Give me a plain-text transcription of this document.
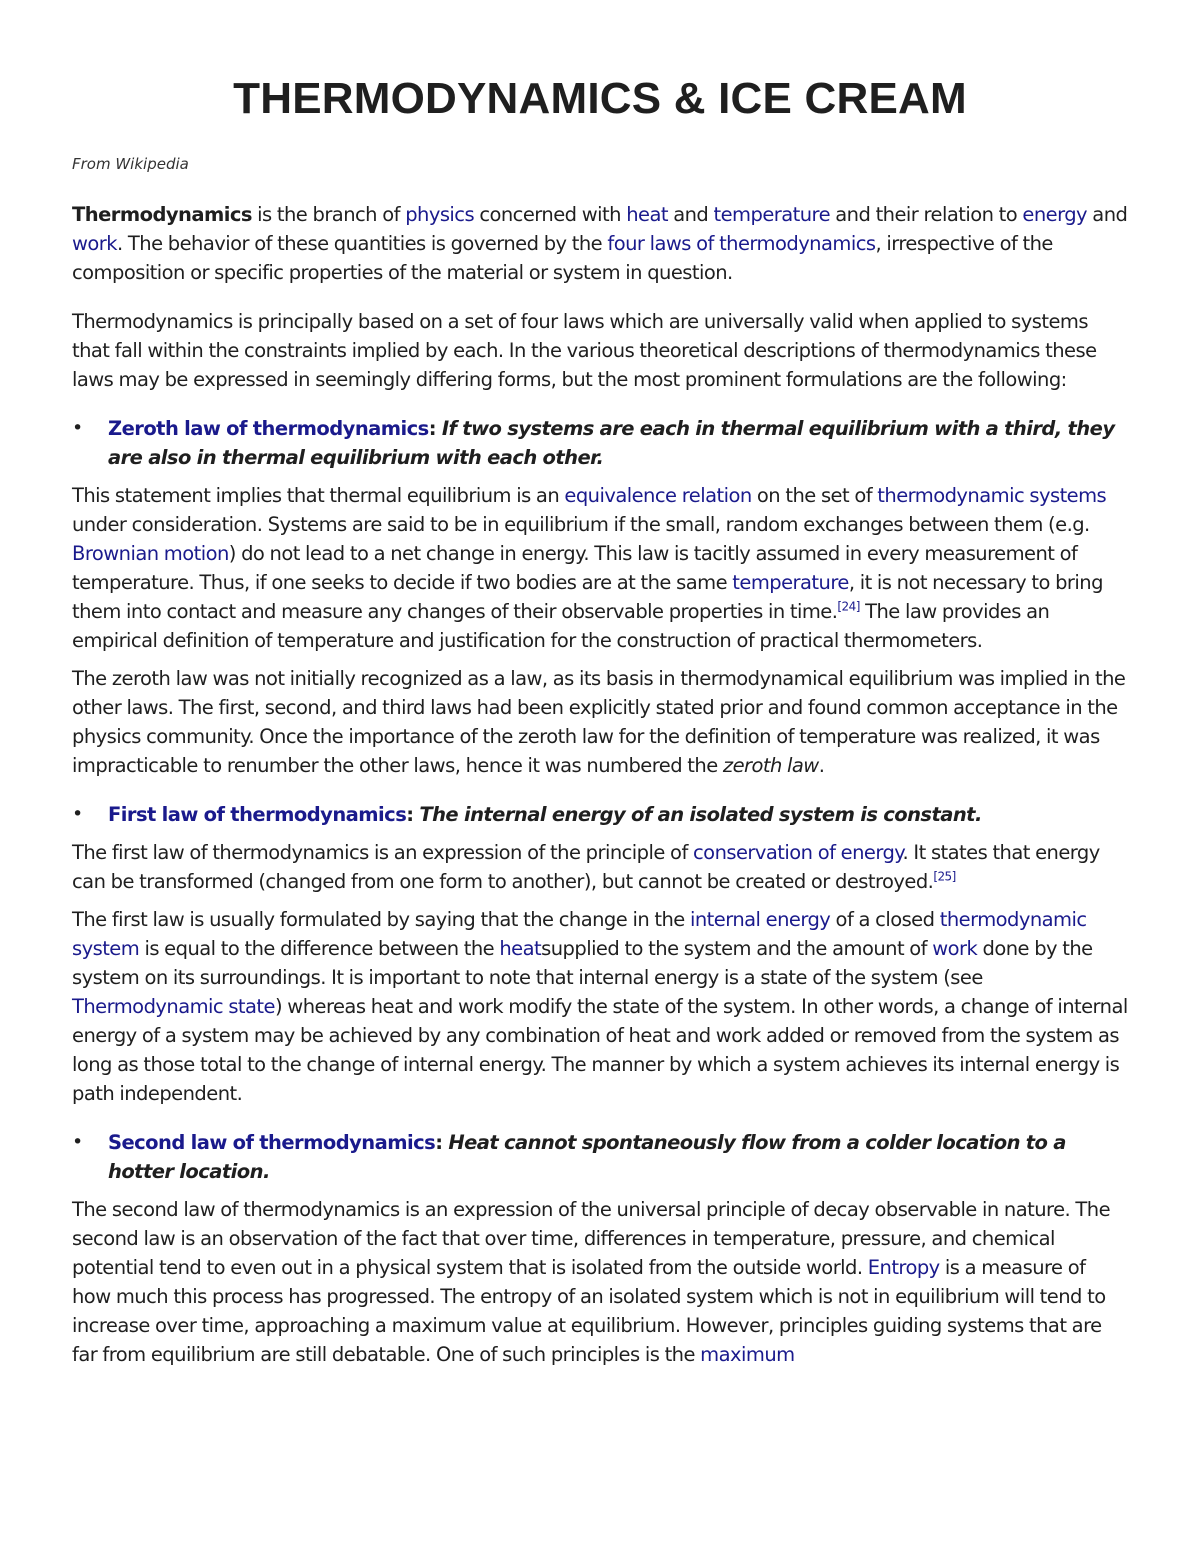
THERMODYNAMICS & ICE CREAM
From Wikipedia

Thermodynamics is the branch of physics concerned with heat and temperature and their relation to energy and work. The behavior of these quantities is governed by the four laws of thermodynamics, irrespective of the composition or specific properties of the material or system in question.

Thermodynamics is principally based on a set of four laws which are universally valid when applied to systems that fall within the constraints implied by each. In the various theoretical descriptions of thermodynamics these laws may be expressed in seemingly differing forms, but the most prominent formulations are the following:

• Zeroth law of thermodynamics: If two systems are each in thermal equilibrium with a third, they are also in thermal equilibrium with each other.

This statement implies that thermal equilibrium is an equivalence relation on the set of thermodynamic systems under consideration. Systems are said to be in equilibrium if the small, random exchanges between them (e.g. Brownian motion) do not lead to a net change in energy. This law is tacitly assumed in every measurement of temperature. Thus, if one seeks to decide if two bodies are at the same temperature, it is not necessary to bring them into contact and measure any changes of their observable properties in time.[24] The law provides an empirical definition of temperature and justification for the construction of practical thermometers.

The zeroth law was not initially recognized as a law, as its basis in thermodynamical equilibrium was implied in the other laws. The first, second, and third laws had been explicitly stated prior and found common acceptance in the physics community. Once the importance of the zeroth law for the definition of temperature was realized, it was impracticable to renumber the other laws, hence it was numbered the zeroth law.

• First law of thermodynamics: The internal energy of an isolated system is constant.

The first law of thermodynamics is an expression of the principle of conservation of energy. It states that energy can be transformed (changed from one form to another), but cannot be created or destroyed.[25]

The first law is usually formulated by saying that the change in the internal energy of a closed thermodynamic system is equal to the difference between the heatsupplied to the system and the amount of work done by the system on its surroundings. It is important to note that internal energy is a state of the system (see Thermodynamic state) whereas heat and work modify the state of the system. In other words, a change of internal energy of a system may be achieved by any combination of heat and work added or removed from the system as long as those total to the change of internal energy. The manner by which a system achieves its internal energy is path independent.

• Second law of thermodynamics: Heat cannot spontaneously flow from a colder location to a hotter location.

The second law of thermodynamics is an expression of the universal principle of decay observable in nature. The second law is an observation of the fact that over time, differences in temperature, pressure, and chemical potential tend to even out in a physical system that is isolated from the outside world. Entropy is a measure of how much this process has progressed. The entropy of an isolated system which is not in equilibrium will tend to increase over time, approaching a maximum value at equilibrium. However, principles guiding systems that are far from equilibrium are still debatable. One of such principles is the maximum
